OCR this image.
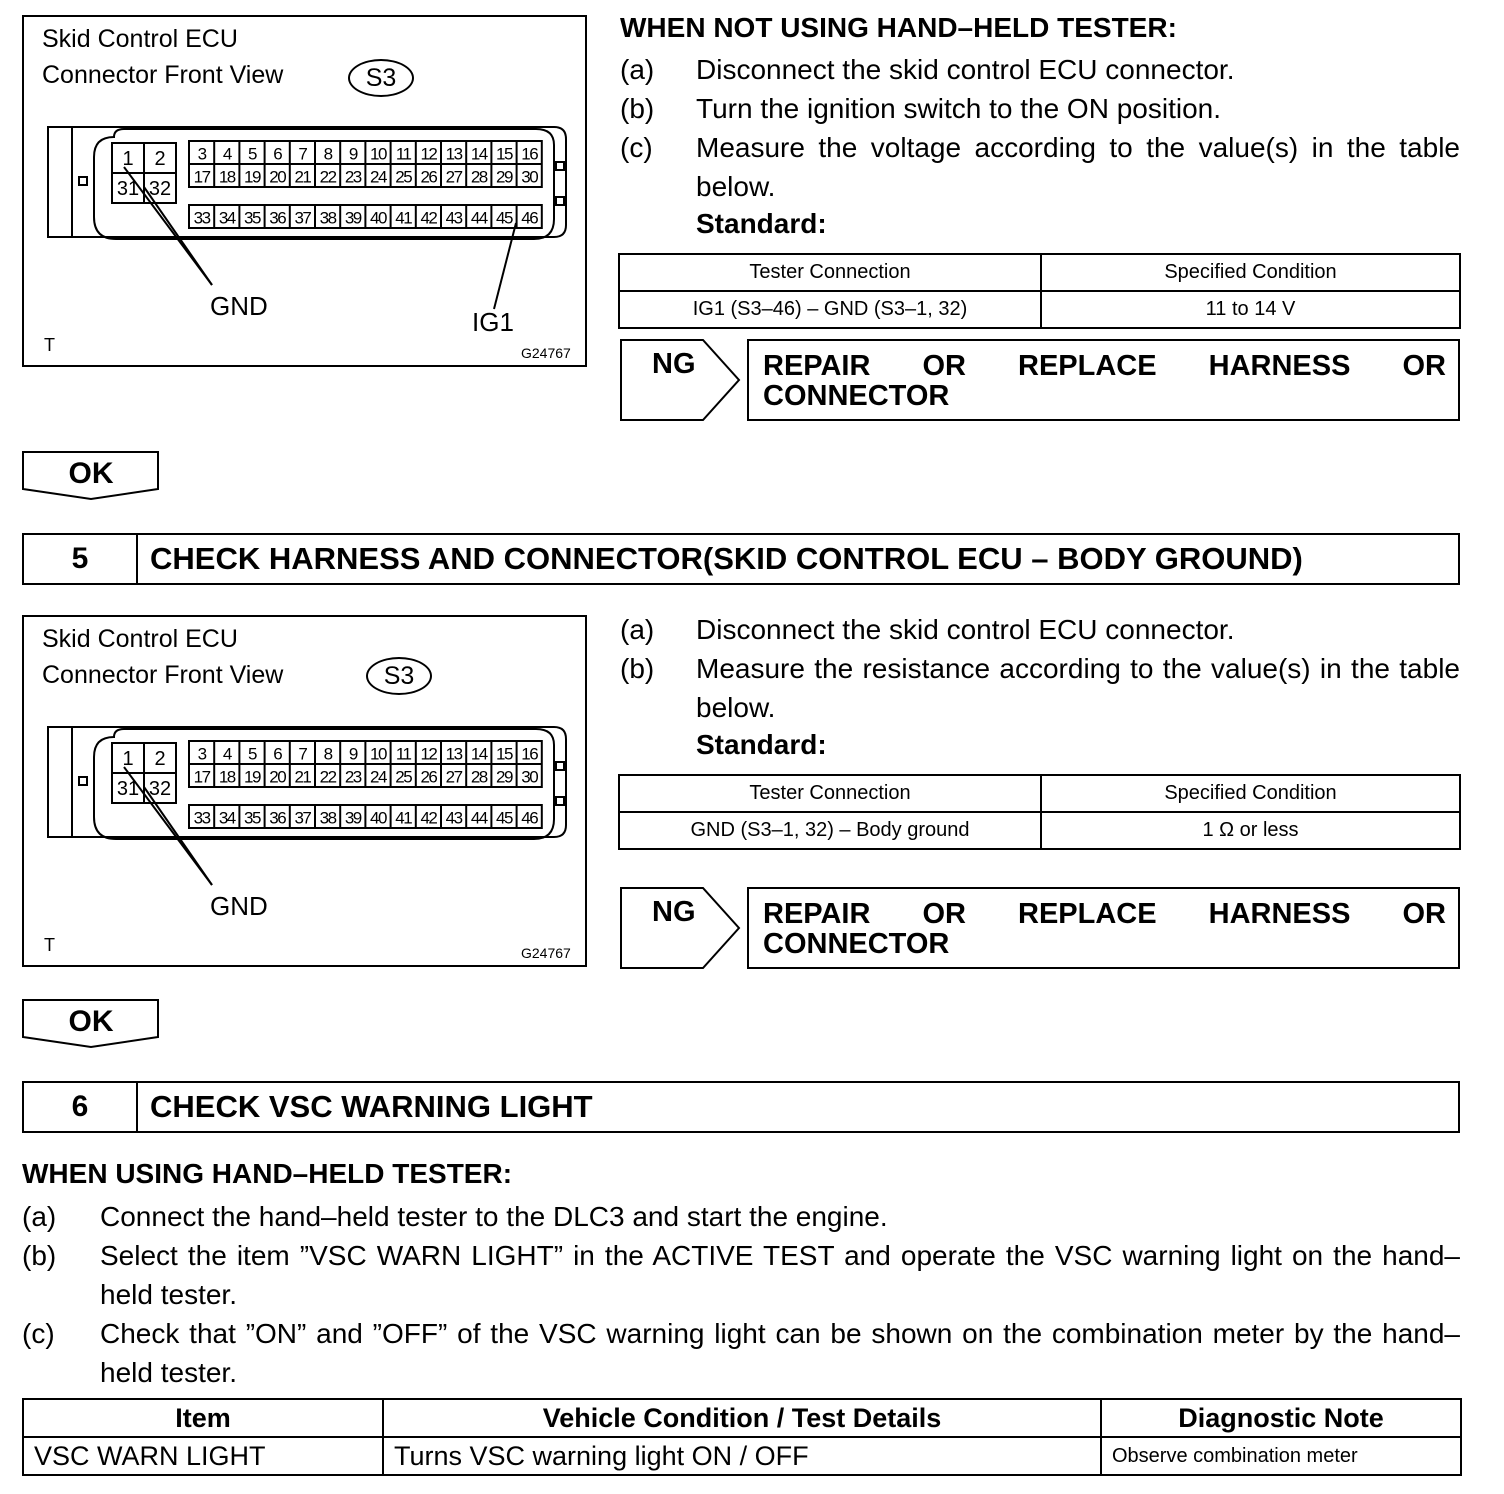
1 2
31 32
3 4 5 6 7 8 9 10 11 12 13 14 15 16
17 18 19 20 21 22 23 24 25 26 27 28 29 30
33 34 35 36 37 38 39 40 41 42 43 44 45 46
Skid Control ECU
Connector Front View	S3
GND
IG1
T	G24767
WHEN NOT USING HAND–HELD TESTER:
(a) Disconnect the skid control ECU connector.
(b) Turn the ignition switch to the ON position.
(c) Measure the voltage according to the value(s) in the table below.
Standard:
Tester Connection	Specified Condition
IG1 (S3–46) – GND (S3–1, 32)	11 to 14 V
NG REPAIR OR REPLACE HARNESS OR CONNECTOR
OK
5	CHECK HARNESS AND CONNECTOR(SKID CONTROL ECU – BODY GROUND)
1 2
31 32
3 4 5 6 7 8 9 10 11 12 13 14 15 16
17 18 19 20 21 22 23 24 25 26 27 28 29 30
33 34 35 36 37 38 39 40 41 42 43 44 45 46
Skid Control ECU
Connector Front View	S3
GND
T	G24767
(a) Disconnect the skid control ECU connector.
(b) Measure the resistance according to the value(s) in the table below.
Standard:
Tester Connection	Specified Condition
GND (S3–1, 32) – Body ground	1 Ω or less
NG REPAIR OR REPLACE HARNESS OR CONNECTOR
OK
6	CHECK VSC WARNING LIGHT
WHEN USING HAND–HELD TESTER:
(a) Connect the hand–held tester to the DLC3 and start the engine.
(b) Select the item ”VSC WARN LIGHT” in the ACTIVE TEST and operate the VSC warning light on the hand–held tester.
(c) Check that ”ON” and ”OFF” of the VSC warning light can be shown on the combination meter by the hand–held tester.
Item	Vehicle Condition / Test Details	Diagnostic Note
VSC WARN LIGHT	Turns VSC warning light ON / OFF	Observe combination meter
